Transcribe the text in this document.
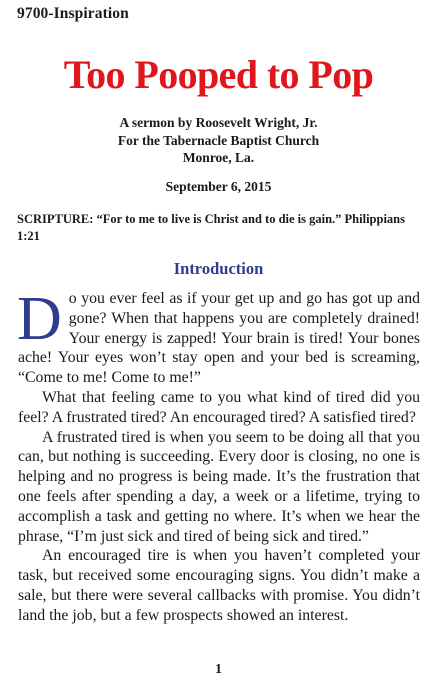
9700-Inspiration
Too Pooped to Pop
A sermon by Roosevelt Wright, Jr.
For the Tabernacle Baptist Church
Monroe, La.
September 6, 2015
SCRIPTURE: “For to me to live is Christ and to die is gain.” Philippians 1:21
Introduction

Do you ever feel as if your get up and go has got up and gone? When that happens you are completely drained! Your energy is zapped! Your brain is tired! Your bones ache! Your eyes won’t stay open and your bed is screaming, “Come to me! Come to me!”

What that feeling came to you what kind of tired did you feel? A frustrated tired? An encouraged tired? A satisfied tired?

A frustrated tired is when you seem to be doing all that you can, but nothing is succeeding. Every door is closing, no one is helping and no progress is being made. It’s the frustration that one feels after spending a day, a week or a lifetime, trying to accomplish a task and getting no where. It’s when we hear the phrase, “I’m just sick and tired of being sick and tired.”

An encouraged tire is when you haven’t completed your task, but received some encouraging signs. You didn’t make a sale, but there were several callbacks with promise. You didn’t land the job, but a few prospects showed an interest.

1
